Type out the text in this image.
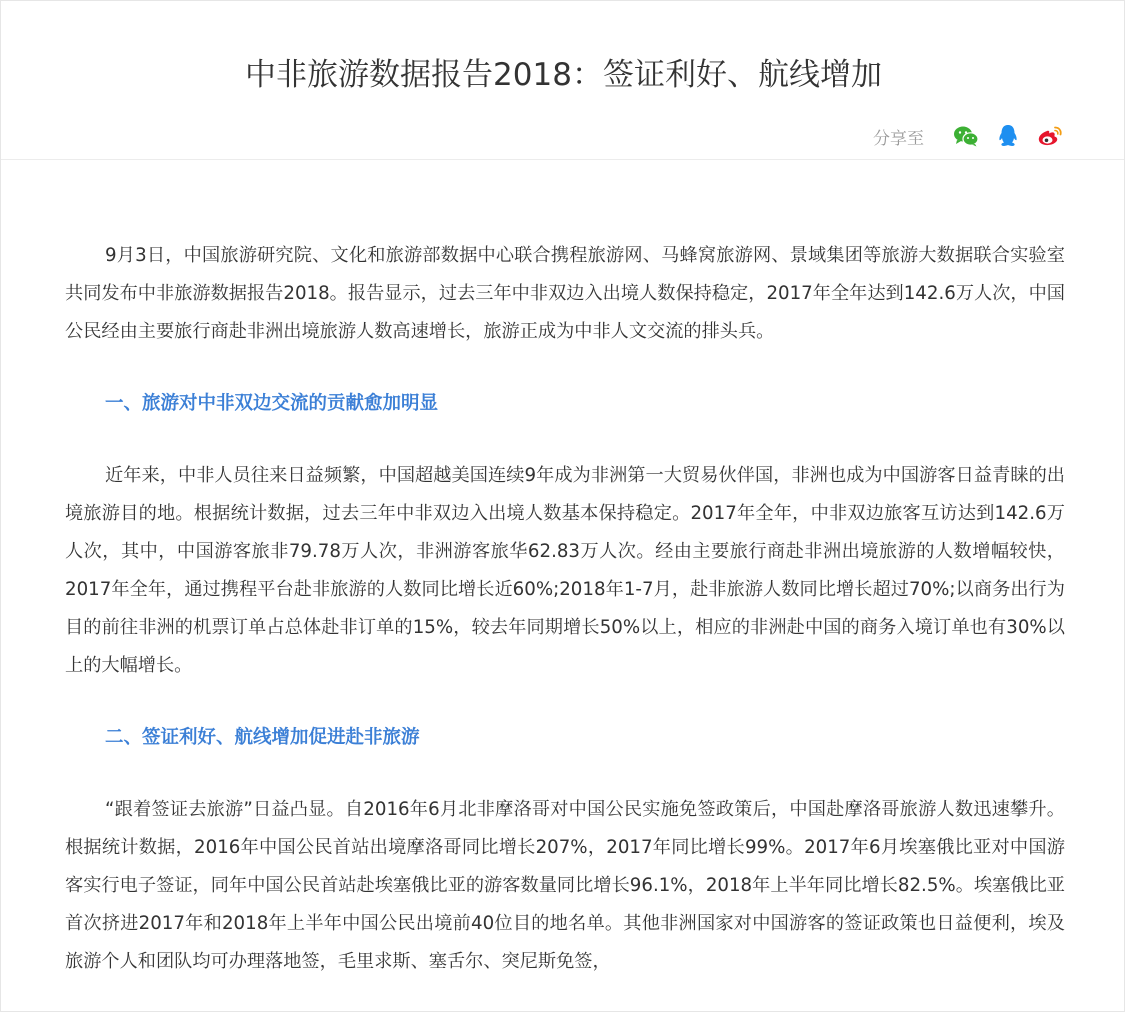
中非旅游数据报告2018：签证利好、航线增加
分享至

9月3日，中国旅游研究院、文化和旅游部数据中心联合携程旅游网、马蜂窝旅游网、景域集团等旅游大数据联合实验室共同发布中非旅游数据报告2018。报告显示，过去三年中非双边入出境人数保持稳定，2017年全年达到142.6万人次，中国公民经由主要旅行商赴非洲出境旅游人数高速增长，旅游正成为中非人文交流的排头兵。

一、旅游对中非双边交流的贡献愈加明显

近年来，中非人员往来日益频繁，中国超越美国连续9年成为非洲第一大贸易伙伴国，非洲也成为中国游客日益青睐的出境旅游目的地。根据统计数据，过去三年中非双边入出境人数基本保持稳定。2017年全年，中非双边旅客互访达到142.6万人次，其中，中国游客旅非79.78万人次，非洲游客旅华62.83万人次。经由主要旅行商赴非洲出境旅游的人数增幅较快，2017年全年，通过携程平台赴非旅游的人数同比增长近60%;2018年1-7月，赴非旅游人数同比增长超过70%;以商务出行为目的前往非洲的机票订单占总体赴非订单的15%，较去年同期增长50%以上，相应的非洲赴中国的商务入境订单也有30%以上的大幅增长。

二、签证利好、航线增加促进赴非旅游

“跟着签证去旅游”日益凸显。自2016年6月北非摩洛哥对中国公民实施免签政策后，中国赴摩洛哥旅游人数迅速攀升。根据统计数据，2016年中国公民首站出境摩洛哥同比增长207%，2017年同比增长99%。2017年6月埃塞俄比亚对中国游客实行电子签证，同年中国公民首站赴埃塞俄比亚的游客数量同比增长96.1%，2018年上半年同比增长82.5%。埃塞俄比亚首次挤进2017年和2018年上半年中国公民出境前40位目的地名单。其他非洲国家对中国游客的签证政策也日益便利，埃及旅游个人和团队均可办理落地签，毛里求斯、塞舌尔、突尼斯免签，
